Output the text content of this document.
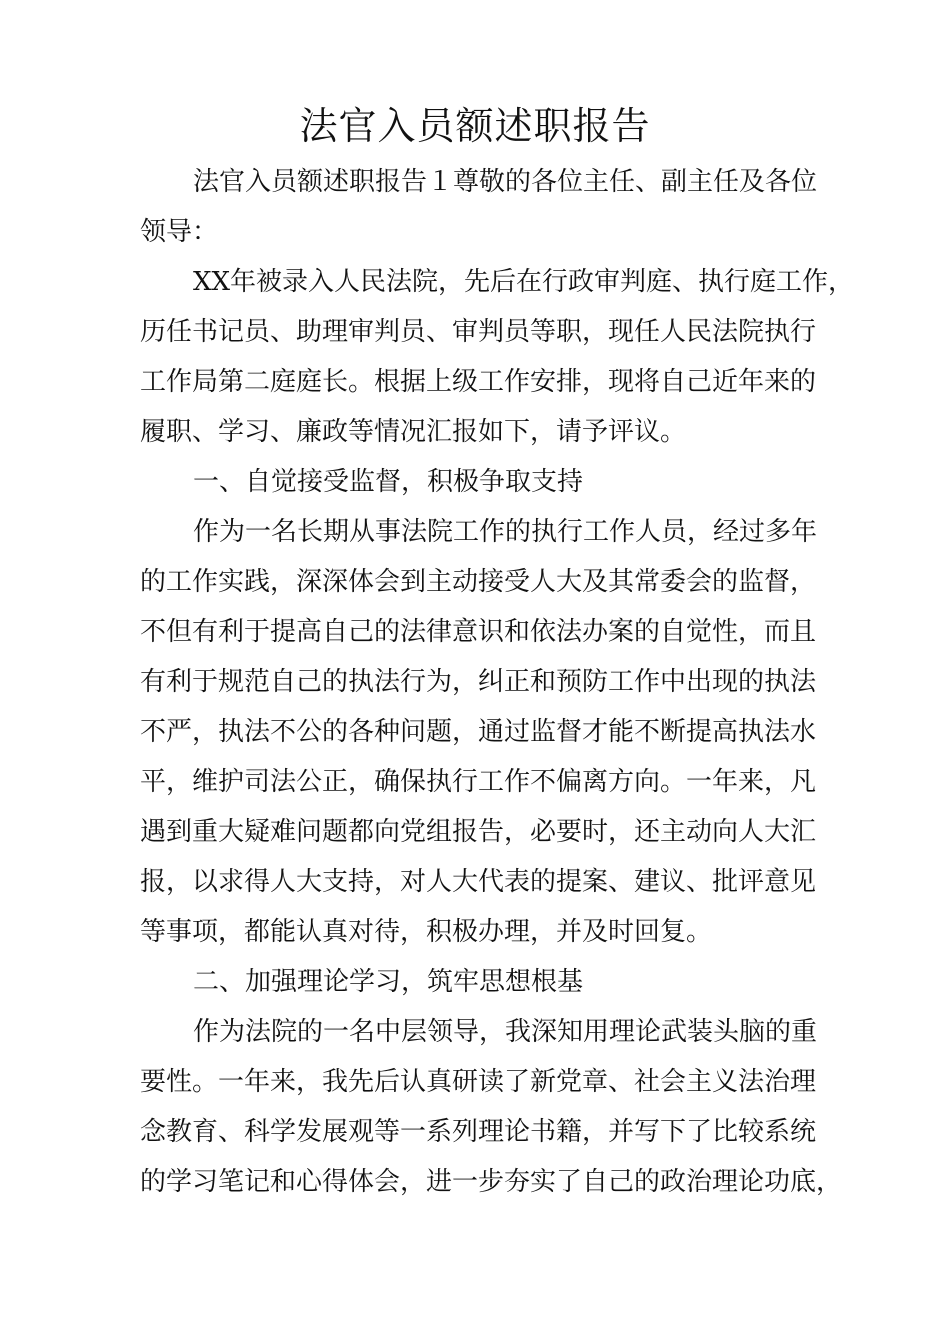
法官入员额述职报告
法官入员额述职报告１尊敬的各位主任、副主任及各位
领导：
XX年被录入人民法院，先后在行政审判庭、执行庭工作，
历任书记员、助理审判员、审判员等职，现任人民法院执行
工作局第二庭庭长。根据上级工作安排，现将自己近年来的
履职、学习、廉政等情况汇报如下，请予评议。
一、自觉接受监督，积极争取支持
作为一名长期从事法院工作的执行工作人员，经过多年
的工作实践，深深体会到主动接受人大及其常委会的监督，
不但有利于提高自己的法律意识和依法办案的自觉性，而且
有利于规范自己的执法行为，纠正和预防工作中出现的执法
不严，执法不公的各种问题，通过监督才能不断提高执法水
平，维护司法公正，确保执行工作不偏离方向。一年来，凡
遇到重大疑难问题都向党组报告，必要时，还主动向人大汇
报，以求得人大支持，对人大代表的提案、建议、批评意见
等事项，都能认真对待，积极办理，并及时回复。
二、加强理论学习，筑牢思想根基
作为法院的一名中层领导，我深知用理论武装头脑的重
要性。一年来，我先后认真研读了新党章、社会主义法治理
念教育、科学发展观等一系列理论书籍，并写下了比较系统
的学习笔记和心得体会，进一步夯实了自己的政治理论功底，
